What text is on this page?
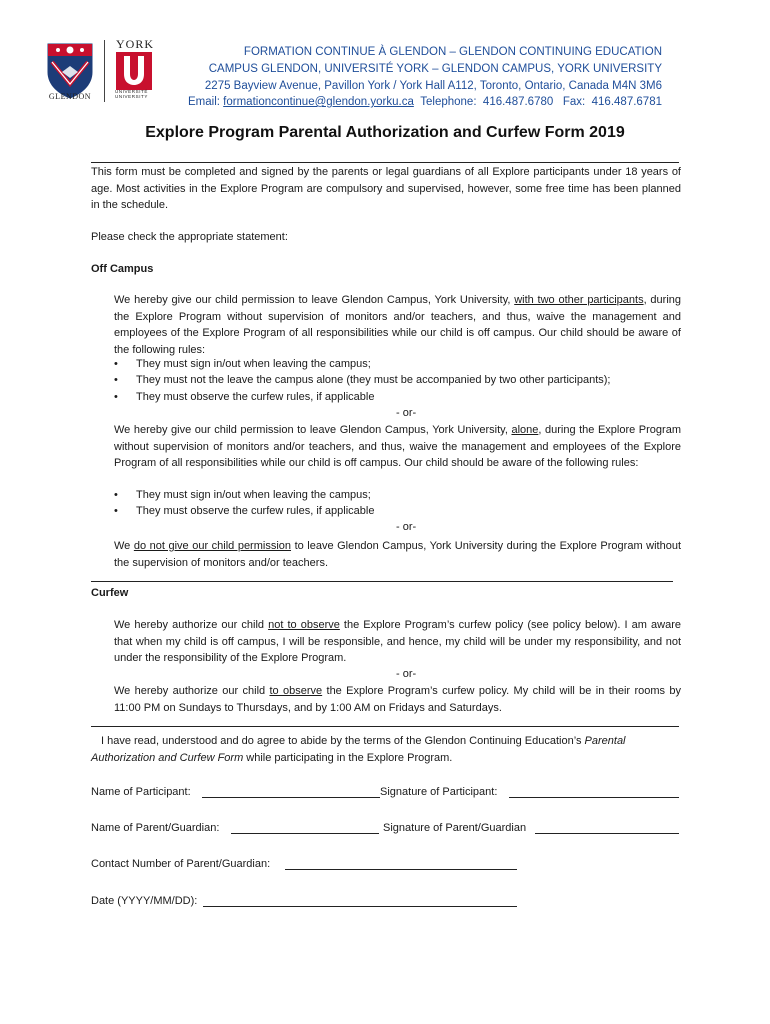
GLENDON
YORK
UNIVERSITÉ
UNIVERSITY
FORMATION CONTINUE À GLENDON – GLENDON CONTINUING EDUCATION
CAMPUS GLENDON, UNIVERSITÉ YORK – GLENDON CAMPUS, YORK UNIVERSITY
2275 Bayview Avenue, Pavillon York / York Hall A112, Toronto, Ontario, Canada M4N 3M6
Email: formationcontinue@glendon.yorku.ca Telephone: 416.487.6780 Fax: 416.487.6781
Explore Program Parental Authorization and Curfew Form 2019
This form must be completed and signed by the parents or legal guardians of all Explore participants under 18 years of age. Most activities in the Explore Program are compulsory and supervised, however, some free time has been planned in the schedule.
Please check the appropriate statement:
Off Campus
We hereby give our child permission to leave Glendon Campus, York University, with two other participants, during the Explore Program without supervision of monitors and/or teachers, and thus, waive the management and employees of the Explore Program of all responsibilities while our child is off campus. Our child should be aware of the following rules:
• They must sign in/out when leaving the campus;
• They must not the leave the campus alone (they must be accompanied by two other participants);
• They must observe the curfew rules, if applicable
- or-
We hereby give our child permission to leave Glendon Campus, York University, alone, during the Explore Program without supervision of monitors and/or teachers, and thus, waive the management and employees of the Explore Program of all responsibilities while our child is off campus. Our child should be aware of the following rules:
• They must sign in/out when leaving the campus;
• They must observe the curfew rules, if applicable
- or-
We do not give our child permission to leave Glendon Campus, York University during the Explore Program without the supervision of monitors and/or teachers.
Curfew
We hereby authorize our child not to observe the Explore Program’s curfew policy (see policy below). I am aware that when my child is off campus, I will be responsible, and hence, my child will be under my responsibility, and not under the responsibility of the Explore Program.
- or-
We hereby authorize our child to observe the Explore Program’s curfew policy. My child will be in their rooms by 11:00 PM on Sundays to Thursdays, and by 1:00 AM on Fridays and Saturdays.
I have read, understood and do agree to abide by the terms of the Glendon Continuing Education’s Parental Authorization and Curfew Form while participating in the Explore Program.
Name of Participant:	Signature of Participant:
Name of Parent/Guardian:	Signature of Parent/Guardian
Contact Number of Parent/Guardian:
Date (YYYY/MM/DD):
